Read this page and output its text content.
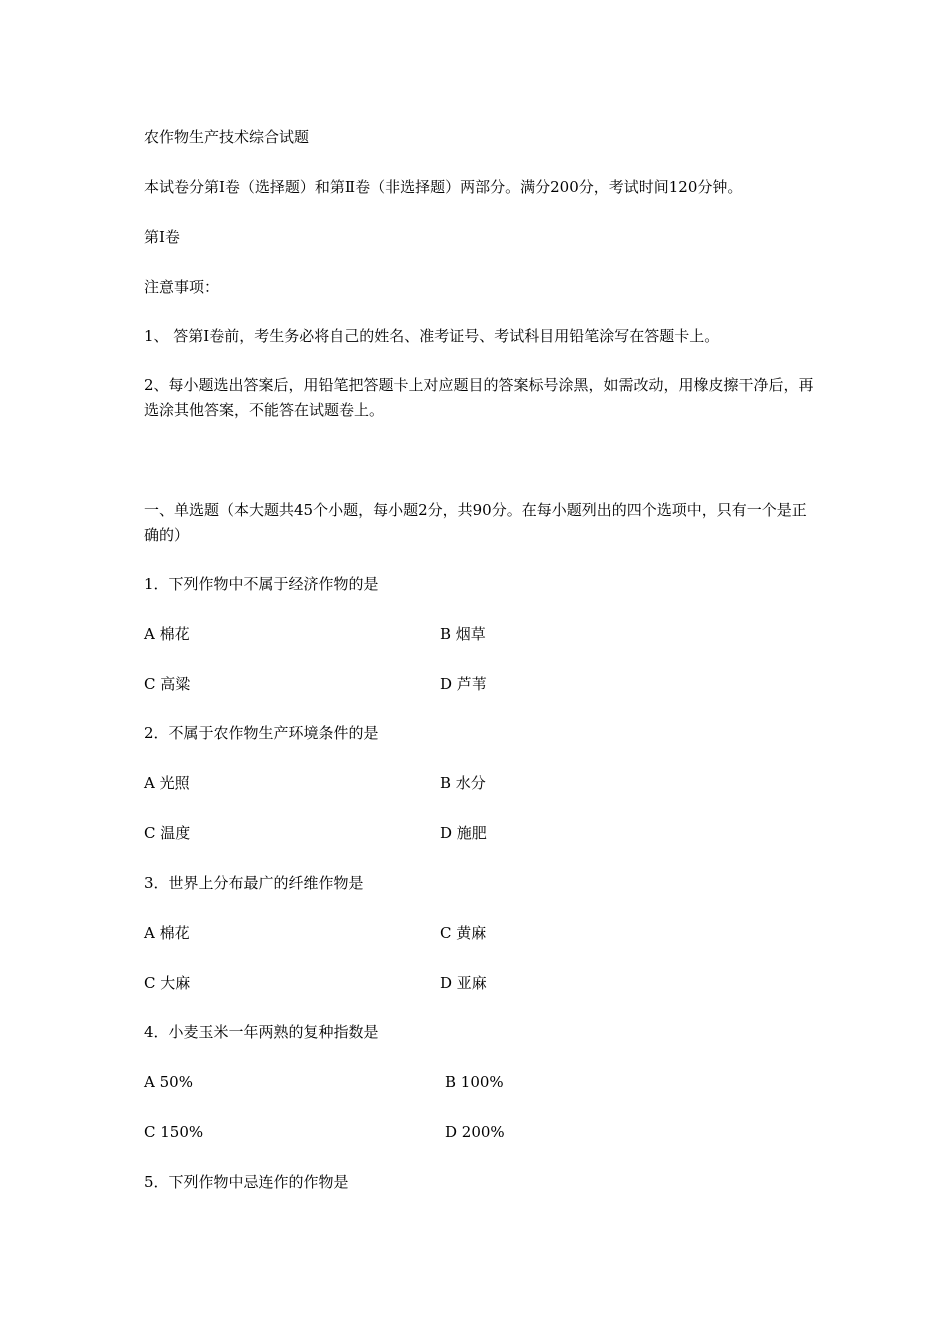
农作物生产技术综合试题
本试卷分第Ⅰ卷（选择题）和第Ⅱ卷（非选择题）两部分。满分200分，考试时间120分钟。
第Ⅰ卷
注意事项：
1、 答第Ⅰ卷前，考生务必将自己的姓名、准考证号、考试科目用铅笔涂写在答题卡上。
2、每小题选出答案后，用铅笔把答题卡上对应题目的答案标号涂黑，如需改动，用橡皮擦干净后，再选涂其他答案，不能答在试题卷上。
一、单选题（本大题共45个小题，每小题2分，共90分。在每小题列出的四个选项中，只有一个是正确的）
1．下列作物中不属于经济作物的是
A 棉花	B 烟草
C 高粱	D 芦苇
2．不属于农作物生产环境条件的是
A 光照	B 水分
C 温度	D 施肥
3．世界上分布最广的纤维作物是
A 棉花	C 黄麻
C 大麻	D 亚麻
4．小麦玉米一年两熟的复种指数是
A 50%	B 100%
C 150%	D 200%
5．下列作物中忌连作的作物是
